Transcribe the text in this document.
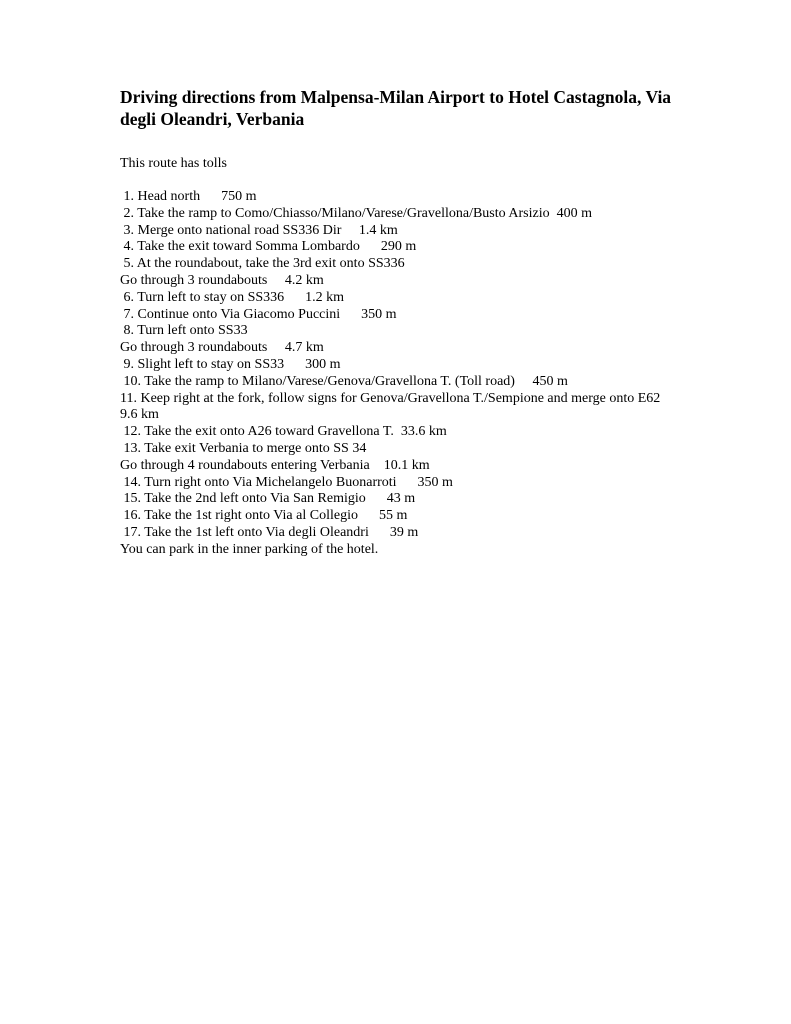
Driving directions from Malpensa-Milan Airport to Hotel Castagnola, Via degli Oleandri, Verbania

This route has tolls

1. Head north      750 m
2. Take the ramp to Como/Chiasso/Milano/Varese/Gravellona/Busto Arsizio  400 m
3. Merge onto national road SS336 Dir     1.4 km
4. Take the exit toward Somma Lombardo      290 m
5. At the roundabout, take the 3rd exit onto SS336
Go through 3 roundabouts     4.2 km
6. Turn left to stay on SS336      1.2 km
7. Continue onto Via Giacomo Puccini      350 m
8. Turn left onto SS33
Go through 3 roundabouts     4.7 km
9. Slight left to stay on SS33      300 m
10. Take the ramp to Milano/Varese/Genova/Gravellona T. (Toll road)     450 m
11. Keep right at the fork, follow signs for Genova/Gravellona T./Sempione and merge onto E62  9.6 km
12. Take the exit onto A26 toward Gravellona T.  33.6 km
13. Take exit Verbania to merge onto SS 34
Go through 4 roundabouts entering Verbania    10.1 km
14. Turn right onto Via Michelangelo Buonarroti      350 m
15. Take the 2nd left onto Via San Remigio      43 m
16. Take the 1st right onto Via al Collegio      55 m
17. Take the 1st left onto Via degli Oleandri      39 m
You can park in the inner parking of the hotel.
